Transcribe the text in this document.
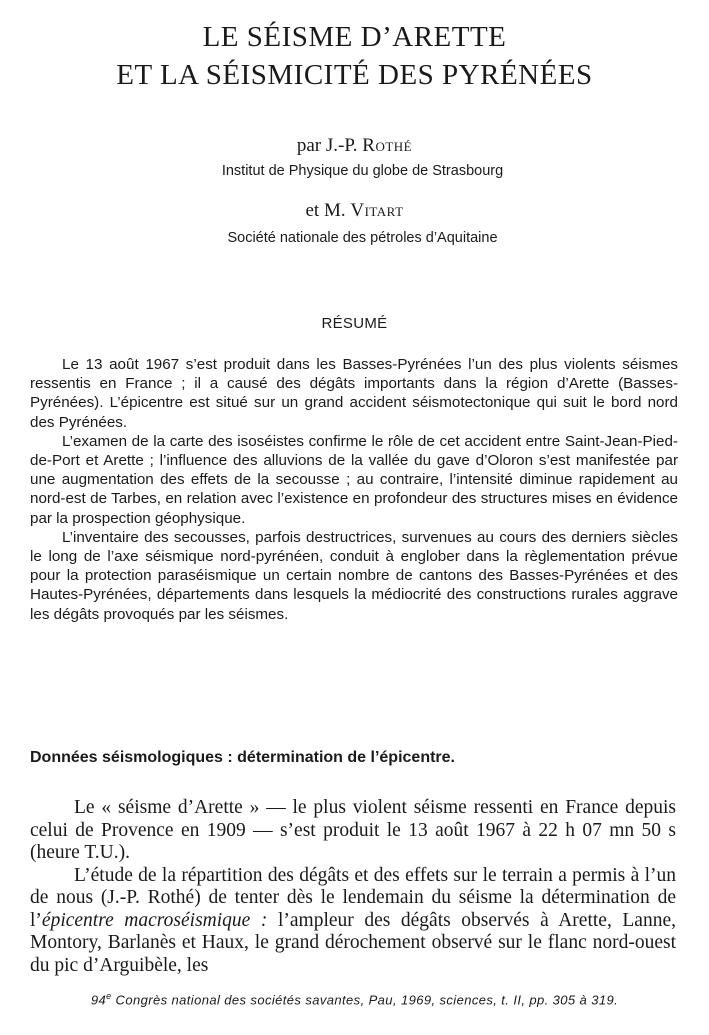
LE SÉISME D’ARETTE
ET LA SÉISMICITÉ DES PYRÉNÉES
par J.-P. Rothé
Institut de Physique du globe de Strasbourg
et M. Vitart
Société nationale des pétroles d’Aquitaine
RÉSUMÉ

Le 13 août 1967 s’est produit dans les Basses-Pyrénées l’un des plus violents séismes ressentis en France ; il a causé des dégâts importants dans la région d’Arette (Basses-Pyrénées). L’épicentre est situé sur un grand accident séismotectonique qui suit le bord nord des Pyrénées.

L’examen de la carte des isoséistes confirme le rôle de cet accident entre Saint-Jean-Pied-de-Port et Arette ; l’influence des alluvions de la vallée du gave d’Oloron s’est manifestée par une augmentation des effets de la secousse ; au contraire, l’intensité diminue rapidement au nord-est de Tarbes, en relation avec l’existence en profondeur des structures mises en évidence par la prospection géophysique.

L’inventaire des secousses, parfois destructrices, survenues au cours des derniers siècles le long de l’axe séismique nord-pyrénéen, conduit à englober dans la règlementation prévue pour la protection paraséismique un certain nombre de cantons des Basses-Pyrénées et des Hautes-Pyrénées, départements dans lesquels la médiocrité des constructions rurales aggrave les dégâts provoqués par les séismes.

Données séismologiques : détermination de l’épicentre.

Le « séisme d’Arette » — le plus violent séisme ressenti en France depuis celui de Provence en 1909 — s’est produit le 13 août 1967 à 22 h 07 mn 50 s (heure T.U.).

L’étude de la répartition des dégâts et des effets sur le terrain a permis à l’un de nous (J.-P. Rothé) de tenter dès le lendemain du séisme la détermination de l’épicentre macroséismique : l’ampleur des dégâts observés à Arette, Lanne, Montory, Barlanès et Haux, le grand dérochement observé sur le flanc nord-ouest du pic d’Arguibèle, les

94e Congrès national des sociétés savantes, Pau, 1969, sciences, t. II, pp. 305 à 319.
